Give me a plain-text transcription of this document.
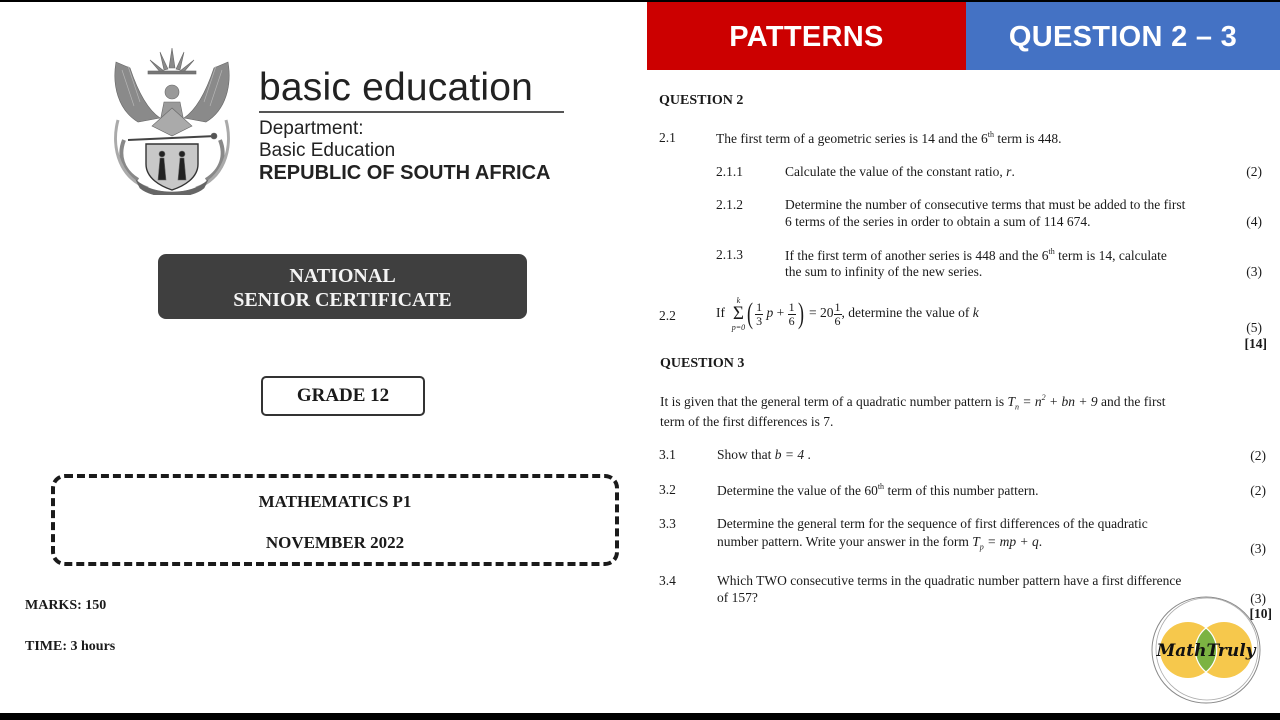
basic education
Department:
Basic Education
REPUBLIC OF SOUTH AFRICA
NATIONAL
SENIOR CERTIFICATE
GRADE 12
MATHEMATICS P1
NOVEMBER 2022
MARKS: 150
TIME: 3 hours
PATTERNS	QUESTION 2 – 3
QUESTION 2
2.1	The first term of a geometric series is 14 and the 6th term is 448.
2.1.1	Calculate the value of the constant ratio, r.	(2)
2.1.2	Determine the number of consecutive terms that must be added to the first
6 terms of the series in order to obtain a sum of 114 674.	(4)
2.1.3	If the first term of another series is 448 and the 6th term is 14, calculate
the sum to infinity of the new series.	(3)
2.2	If
k
Σ
p=0 ( $\frac{1}{3}$ $p + \frac{1}{6}$ ) = $20 \frac{1}{6}$ , determine the value of k
(5)
[14]
QUESTION 3
It is given that the general term of a quadratic number pattern is $T_n = n^2$ + bn + 9 and the first
term of the first differences is 7.
3.1	Show that b = 4 .	(2)
3.2	Determine the value of the 60th term of this number pattern.	(2)
3.3	Determine the general term for the sequence of first differences of the quadratic
number pattern. Write your answer in the form $T_p$ = mp + q.	(3)
3.4	Which TWO consecutive terms in the quadratic number pattern have a first difference
of 157?	(3)
[10]
MathTruly
